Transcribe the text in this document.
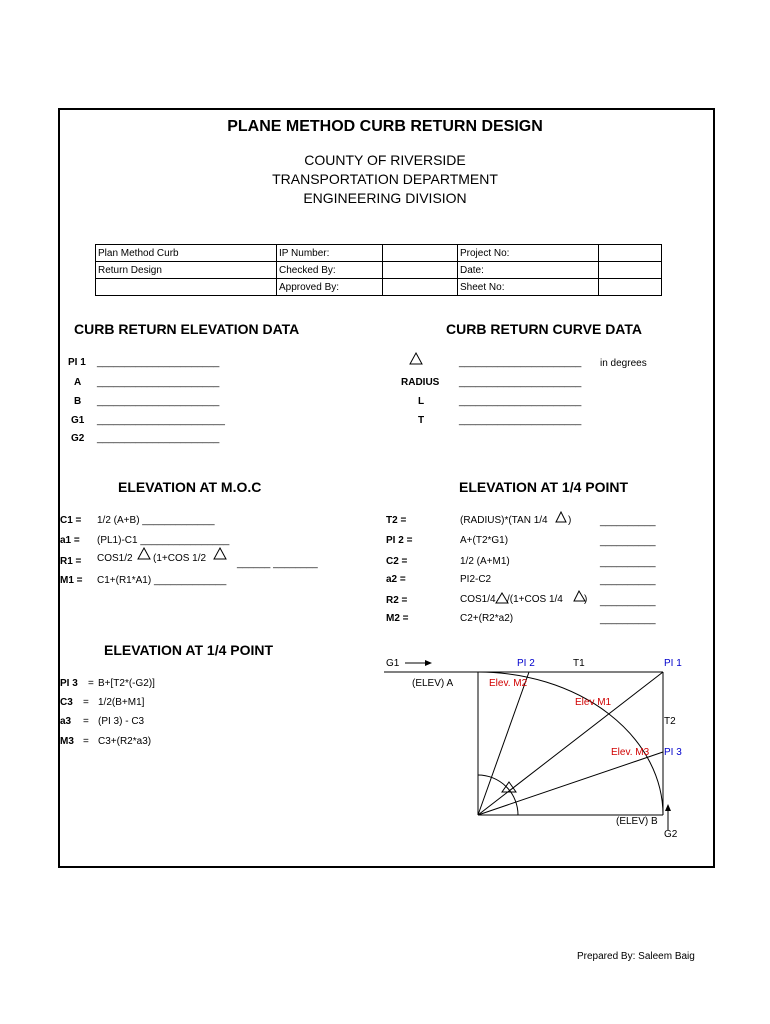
PLANE METHOD CURB RETURN DESIGN
COUNTY OF RIVERSIDE
TRANSPORTATION DEPARTMENT
ENGINEERING DIVISION
Plan Method Curb	IP Number:		Project No:	
Return Design	Checked By:		Date:	
	Approved By:		Sheet No:	
CURB RETURN ELEVATION DATA
PI 1 ______________________
A ______________________
B ______________________
G1 _______________________
G2 ______________________
CURB RETURN CURVE DATA
______________________ in degrees
RADIUS ______________________
L	______________________
T	______________________
ELEVATION AT M.O.C
C1 = 1/2 (A+B) _____________
a1 = (PL1)-C1 ________________
R1 = COS1/2 (1+COS 1/2	______ ________
M1 = C1+(R1*A1) _____________
ELEVATION AT 1/4 POINT
T2 =	(RADIUS)*(TAN 1/4 )	__________
PI 2 =	A+(T2*G1)	__________
C2 =	1/2 (A+M1)	__________
a2 =	PI2-C2	__________
R2 =	COS1/4 /(1+COS 1/4 ) __________
M2 =	C2+(R2*a2)	__________
ELEVATION AT 1/4 POINT
PI 3 = B+[T2*(-G2)]
C3 = 1/2(B+M1]
a3 = (PI 3) - C3
M3 = C3+(R2*a3)
G1	PI 2	T1	PI 1
(ELEV) A	Elev. M2
Elev M1
T2
Elev. M3 PI 3
(ELEV) B
G2
Prepared By: Saleem Baig
